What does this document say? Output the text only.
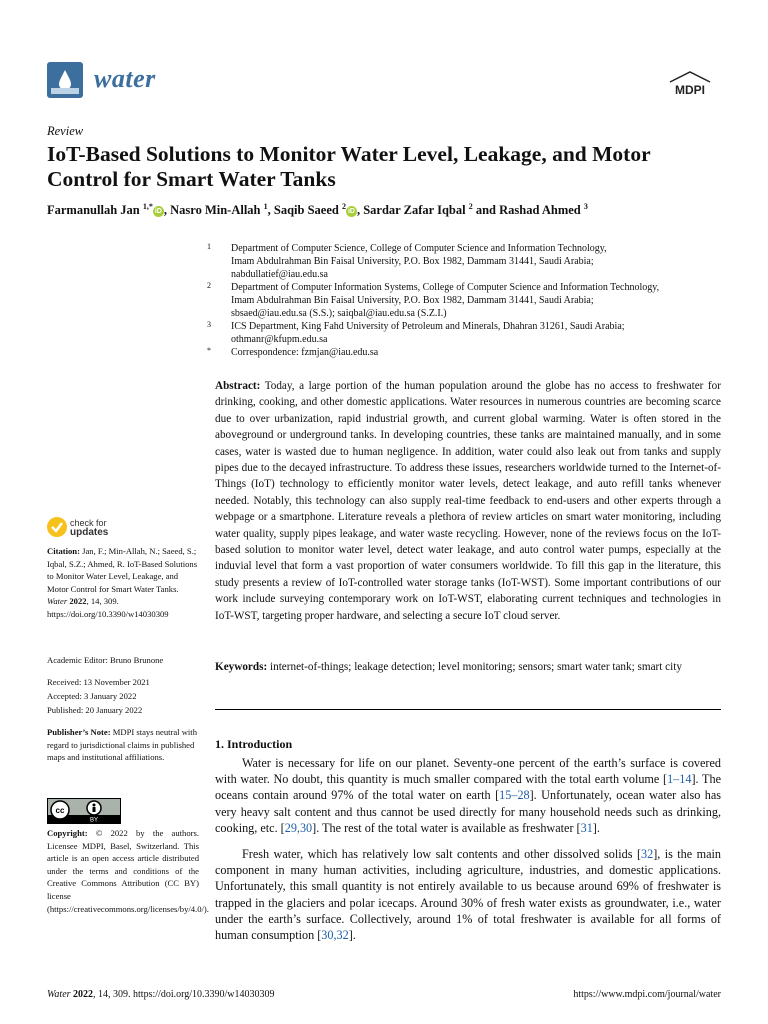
water	MDPI
Review
IoT-Based Solutions to Monitor Water Level, Leakage, and Motor Control for Smart Water Tanks
Farmanullah Jan $^{1,*}$iD , Nasro Min-Allah $^1$, Saqib Saeed $^2$iD , Sardar Zafar Iqbal $^2$ and Rashad Ahmed $^3$
1 Department of Computer Science, College of Computer Science and Information Technology,
Imam Abdulrahman Bin Faisal University, P.O. Box 1982, Dammam 31441, Saudi Arabia;
nabdullatief@iau.edu.sa
2 Department of Computer Information Systems, College of Computer Science and Information Technology,
Imam Abdulrahman Bin Faisal University, P.O. Box 1982, Dammam 31441, Saudi Arabia;
sbsaed@iau.edu.sa (S.S.); saiqbal@iau.edu.sa (S.Z.I.)
3 ICS Department, King Fahd University of Petroleum and Minerals, Dhahran 31261, Saudi Arabia;
othmanr@kfupm.edu.sa
* Correspondence: fzmjan@iau.edu.sa
Abstract: Today, a large portion of the human population around the globe has no access to freshwater for drinking, cooking, and other domestic applications. Water resources in numerous countries are becoming scarce due to over urbanization, rapid industrial growth, and current global warming. Water is often stored in the aboveground or underground tanks. In developing countries, these tanks are maintained manually, and in some cases, water is wasted due to human negligence. In addition, water could also leak out from tanks and supply pipes due to the decayed infrastructure. To address these issues, researchers worldwide turned to the Internet-of-Things (IoT) technology to efficiently monitor water levels, detect leakage, and auto refill tanks whenever needed. Notably, this technology can also supply real-time feedback to end-users and other experts through a webpage or a smartphone. Literature reveals a plethora of review articles on smart water monitoring, including water quality, supply pipes leakage, and water waste recycling. However, none of the reviews focus on the IoT-based solution to monitor water level, detect water leakage, and auto control water pumps, especially at the induvial level that form a vast proportion of water consumers worldwide. To fill this gap in the literature, this study presents a review of IoT-controlled water storage tanks (IoT-WST). Some important contributions of our work include surveying contemporary work on IoT-WST, elaborating current techniques and technologies in IoT-WST, targeting proper hardware, and selecting a secure IoT cloud server.
Keywords: internet-of-things; leakage detection; level monitoring; sensors; smart water tank; smart city
1. Introduction
Water is necessary for life on our planet. Seventy-one percent of the earth’s surface is covered with water. No doubt, this quantity is much smaller compared with the total earth volume [1–14]. The oceans contain around 97% of the total water on earth [15–28]. Unfortunately, ocean water also has very heavy salt content and thus cannot be used directly for many household needs such as drinking, cooking, etc. [29,30]. The rest of the total water is available as freshwater [31].
Fresh water, which has relatively low salt contents and other dissolved solids [32], is the main component in many human activities, including agriculture, industries, and domestic applications. Unfortunately, this small quantity is not entirely available to us because around 69% of freshwater is trapped in the glaciers and polar icecaps. Around 30% of fresh water exists as groundwater, i.e., water under the earth’s surface. Collectively, around 1% of total freshwater is available for all forms of human consumption [30,32].
check for
updates
Citation: Jan, F.; Min-Allah, N.; Saeed, S.; Iqbal, S.Z.; Ahmed, R. IoT-Based Solutions to Monitor Water Level, Leakage, and Motor Control for Smart Water Tanks. Water 2022, 14, 309. https://doi.org/10.3390/w14030309
Academic Editor: Bruno Brunone
Received: 13 November 2021
Accepted: 3 January 2022
Published: 20 January 2022
Publisher’s Note: MDPI stays neutral with regard to jurisdictional claims in published maps and institutional affiliations.
cc
BY
Copyright: © 2022 by the authors. Licensee MDPI, Basel, Switzerland. This article is an open access article distributed under the terms and conditions of the Creative Commons Attribution (CC BY) license (https://creativecommons.org/licenses/by/4.0/).
Water 2022, 14, 309. https://doi.org/10.3390/w14030309	https://www.mdpi.com/journal/water
